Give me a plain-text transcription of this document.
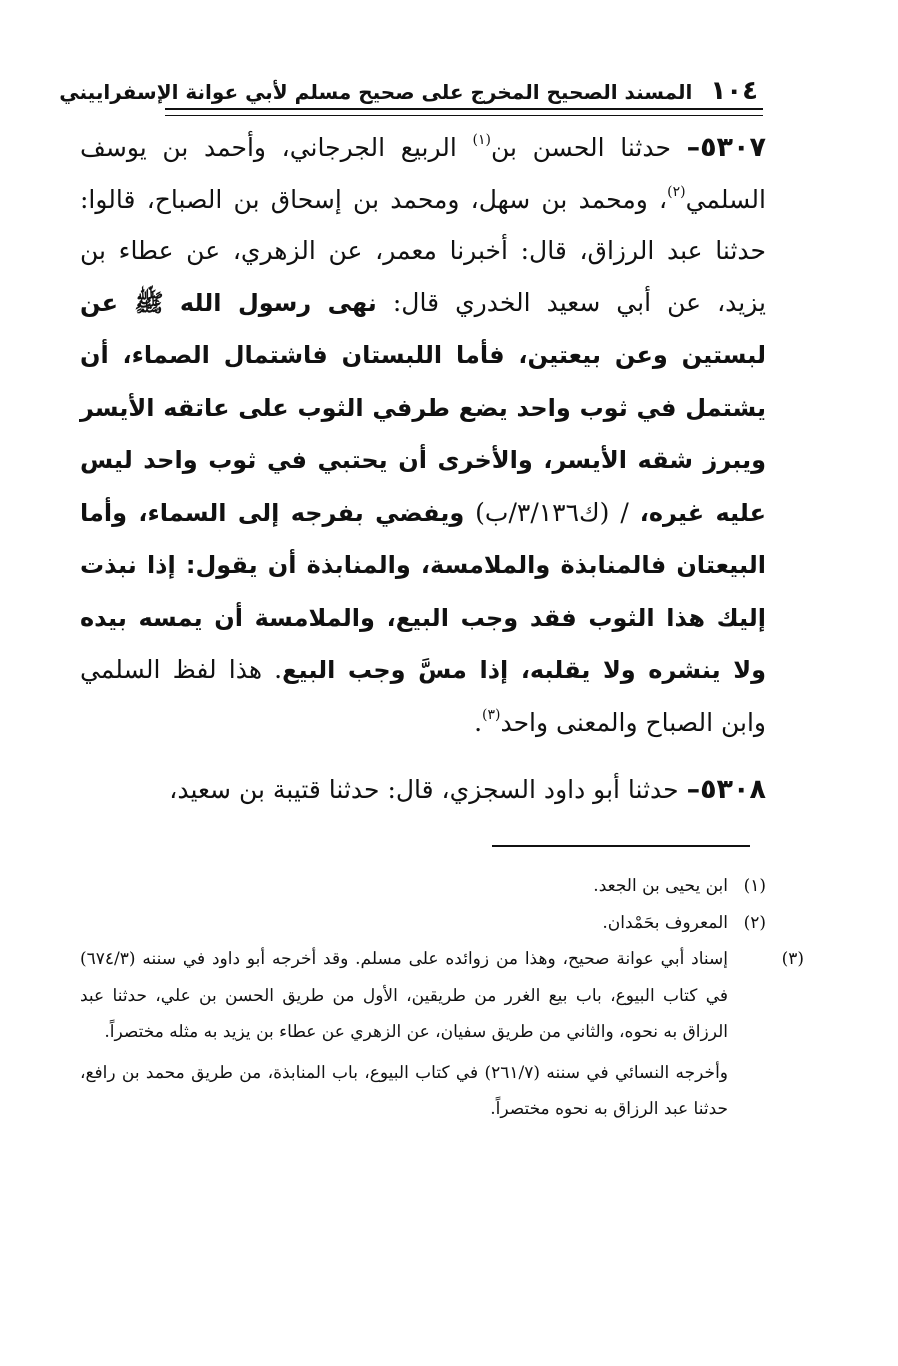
١٠٤
المسند الصحيح المخرج على صحيح مسلم لأبي عوانة الإسفراييني

٥٣٠٧– حدثنا الحسن بن$^{(١)}$ الربيع الجرجاني، وأحمد بن يوسف السلمي$^{(٢)}$، ومحمد بن سهل، ومحمد بن إسحاق بن الصباح، قالوا: حدثنا عبد الرزاق، قال: أخبرنا معمر، عن الزهري، عن عطاء بن يزيد، عن أبي سعيد الخدري قال: نهى رسول الله ﷺ عن لبستين وعن بيعتين، فأما اللبستان فاشتمال الصماء، أن يشتمل في ثوب واحد يضع طرفي الثوب على عاتقه الأيسر ويبرز شقه الأيسر، والأخرى أن يحتبي في ثوب واحد ليس عليه غيره، / (ك٣/١٣٦/ب) ويفضي بفرجه إلى السماء، وأما البيعتان فالمنابذة والملامسة، والمنابذة أن يقول: إذا نبذت إليك هذا الثوب فقد وجب البيع، والملامسة أن يمسه بيده ولا ينشره ولا يقلبه، إذا مسَّ وجب البيع. هذا لفظ السلمي وابن الصباح والمعنى واحد$^{(٣)}$.

٥٣٠٨– حدثنا أبو داود السجزي، قال: حدثنا قتيبة بن سعيد،

(١)ابن يحيى بن الجعد.

(٢)المعروف بحَمْدان.

(٣)إسناد أبي عوانة صحيح، وهذا من زوائده على مسلم. وقد أخرجه أبو داود في سننه (٦٧٤/٣) في كتاب البيوع، باب بيع الغرر من طريقين، الأول من طريق الحسن بن علي، حدثنا عبد الرزاق به نحوه، والثاني من طريق سفيان، عن الزهري عن عطاء بن يزيد به مثله مختصراً.

وأخرجه النسائي في سننه (٢٦١/٧) في كتاب البيوع، باب المنابذة، من طريق محمد بن رافع، حدثنا عبد الرزاق به نحوه مختصراً.
